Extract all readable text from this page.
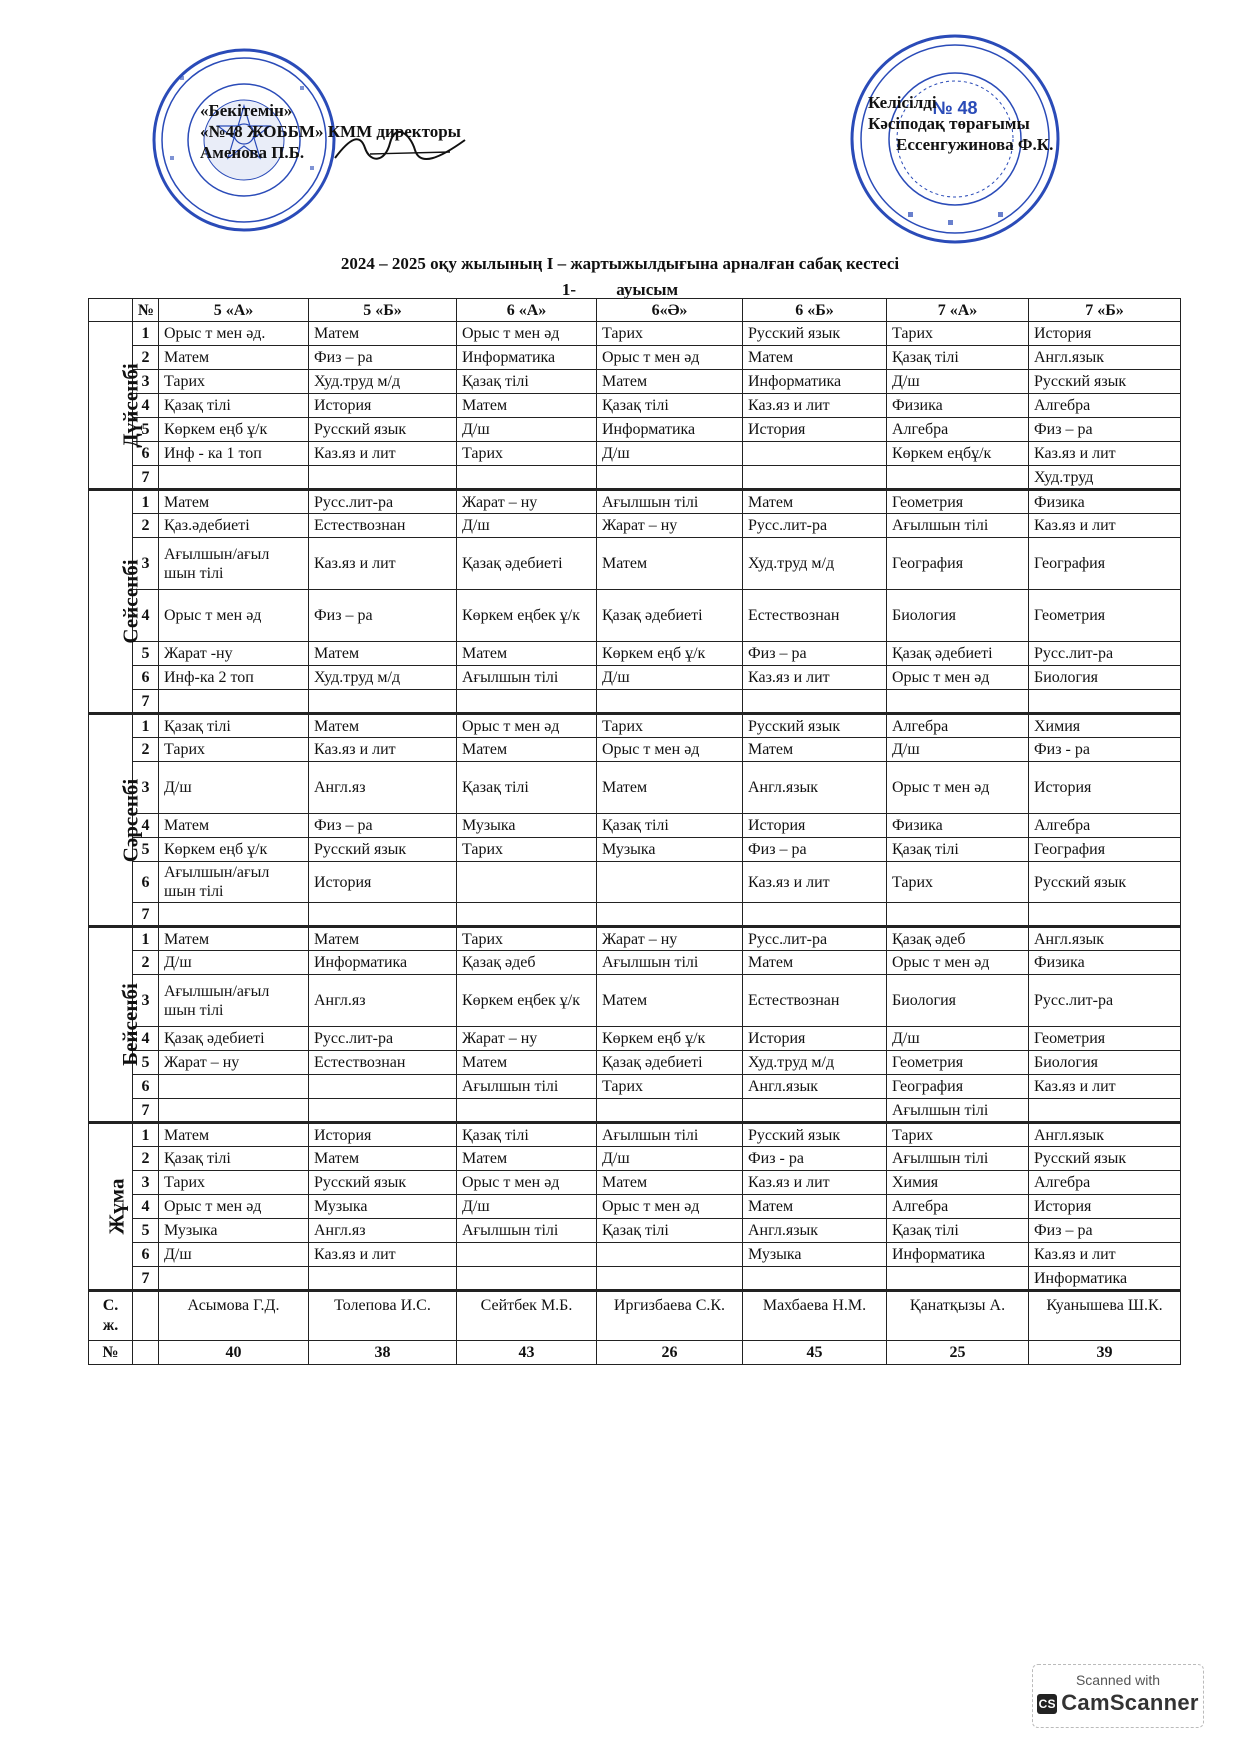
«Бекітемін»
«№48 ЖОББМ» КММ директоры
Аменова П.Б.
№ 48
Келісілді
Кәсіподақ төрағымы
Ессенгужинова Ф.К.
2024 – 2025 оқу жылының I – жартыжылдығына арналған сабақ кестесі
1- ауысым
	№	5 «А»	5 «Б»	6 «А»	6«Ә»	6 «Б»	7 «А»	7 «Б»
Дүйсенбі	1	Орыс т мен әд.	Матем	Орыс т мен әд	Тарих	Русский язык	Тарих	История
	2	Матем	Физ – ра	Информатика	Орыс т мен әд	Матем	Қазақ тілі	Англ.язык
	3	Тарих	Худ.труд м/д	Қазақ тілі	Матем	Информатика	Д/ш	Русский язык
	4	Қазақ тілі	История	Матем	Қазақ тілі	Каз.яз и лит	Физика	Алгебра
	5	Көркем еңб ұ/к	Русский язык	Д/ш	Информатика	История	Алгебра	Физ – ра
	6	Инф - ка 1 топ	Каз.яз и лит	Тарих	Д/ш		Көркем еңбұ/к	Каз.яз и лит
	7							Худ.труд
Сейсенбі	1	Матем	Русс.лит-ра	Жарат – ну	Ағылшын тілі	Матем	Геометрия	Физика
	2	Қаз.әдебиеті	Естествознан	Д/ш	Жарат – ну	Русс.лит-ра	Ағылшын тілі	Каз.яз и лит
	3	Ағылшын/ағыл шын тілі	Каз.яз и лит	Қазақ әдебиеті	Матем	Худ.труд м/д	География	География
	4	Орыс т мен әд	Физ – ра	Көркем еңбек ұ/к	Қазақ әдебиеті	Естествознан	Биология	Геометрия
	5	Жарат -ну	Матем	Матем	Көркем еңб ұ/к	Физ – ра	Қазақ әдебиеті	Русс.лит-ра
	6	Инф-ка 2 топ	Худ.труд м/д	Ағылшын тілі	Д/ш	Каз.яз и лит	Орыс т мен әд	Биология
	7							
Сәрсенбі	1	Қазақ тілі	Матем	Орыс т мен әд	Тарих	Русский язык	Алгебра	Химия
	2	Тарих	Каз.яз и лит	Матем	Орыс т мен әд	Матем	Д/ш	Физ - ра
	3	Д/ш	Англ.яз	Қазақ тілі	Матем	Англ.язык	Орыс т мен әд	История
	4	Матем	Физ – ра	Музыка	Қазақ тілі	История	Физика	Алгебра
	5	Көркем еңб ұ/к	Русский язык	Тарих	Музыка	Физ – ра	Қазақ тілі	География
	6	Ағылшын/ағыл шын тілі	История			Каз.яз и лит	Тарих	Русский язык
	7							
Бейсенбі	1	Матем	Матем	Тарих	Жарат – ну	Русс.лит-ра	Қазақ әдеб	Англ.язык
	2	Д/ш	Информатика	Қазақ әдеб	Ағылшын тілі	Матем	Орыс т мен әд	Физика
	3	Ағылшын/ағыл шын тілі	Англ.яз	Көркем еңбек ұ/к	Матем	Естествознан	Биология	Русс.лит-ра
	4	Қазақ әдебиеті	Русс.лит-ра	Жарат – ну	Көркем еңб ұ/к	История	Д/ш	Геометрия
	5	Жарат – ну	Естествознан	Матем	Қазақ әдебиеті	Худ.труд м/д	Геометрия	Биология
	6			Ағылшын тілі	Тарих	Англ.язык	География	Каз.яз и лит
	7						Ағылшын тілі	
Жұма	1	Матем	История	Қазақ тілі	Ағылшын тілі	Русский язык	Тарих	Англ.язык
	2	Қазақ тілі	Матем	Матем	Д/ш	Физ - ра	Ағылшын тілі	Русский язык
	3	Тарих	Русский язык	Орыс т мен әд	Матем	Каз.яз и лит	Химия	Алгебра
	4	Орыс т мен әд	Музыка	Д/ш	Орыс т мен әд	Матем	Алгебра	История
	5	Музыка	Англ.яз	Ағылшын тілі	Қазақ тілі	Англ.язык	Қазақ тілі	Физ – ра
	6	Д/ш	Каз.яз и лит			Музыка	Информатика	Каз.яз и лит
	7							Информатика
С. ж.		Асымова Г.Д.	Толепова И.С.	Сейтбек М.Б.	Иргизбаева С.К.	Махбаева Н.М.	Қанатқызы А.	Куанышева Ш.К.
№		40	38	43	26	45	25	39
Scanned with
CS CamScanner
